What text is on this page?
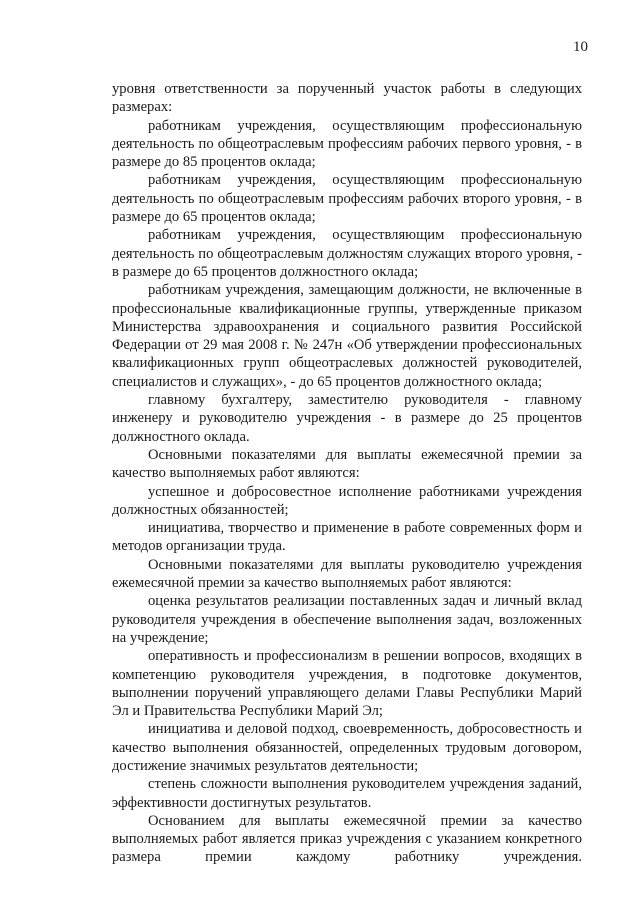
10

уровня ответственности за порученный участок работы в следующих размерах:

работникам учреждения, осуществляющим профессиональную деятельность по общеотраслевым профессиям рабочих первого уровня, - в размере до 85 процентов оклада;

работникам учреждения, осуществляющим профессиональную деятельность по общеотраслевым профессиям рабочих второго уровня, - в размере до 65 процентов оклада;

работникам учреждения, осуществляющим профессиональную деятельность по общеотраслевым должностям служащих второго уровня, - в размере до 65 процентов должностного оклада;

работникам учреждения, замещающим должности, не включенные в профессиональные квалификационные группы, утвержденные приказом Министерства здравоохранения и социального развития Российской Федерации от 29 мая 2008 г. № 247н «Об утверждении профессиональных квалификационных групп общеотраслевых должностей руководителей, специалистов и служащих», - до 65 процентов должностного оклада;

главному бухгалтеру, заместителю руководителя - главному инженеру и руководителю учреждения - в размере до 25 процентов должностного оклада.

Основными показателями для выплаты ежемесячной премии за качество выполняемых работ являются:

успешное и добросовестное исполнение работниками учреждения должностных обязанностей;

инициатива, творчество и применение в работе современных форм и методов организации труда.

Основными показателями для выплаты руководителю учреждения ежемесячной премии за качество выполняемых работ являются:

оценка результатов реализации поставленных задач и личный вклад руководителя учреждения в обеспечение выполнения задач, возложенных на учреждение;

оперативность и профессионализм в решении вопросов, входящих в компетенцию руководителя учреждения, в подготовке документов, выполнении поручений управляющего делами Главы Республики Марий Эл и Правительства Республики Марий Эл;

инициатива и деловой подход, своевременность, добросовестность и качество выполнения обязанностей, определенных трудовым договором, достижение значимых результатов деятельности;

степень сложности выполнения руководителем учреждения заданий, эффективности достигнутых результатов.

Основанием для выплаты ежемесячной премии за качество выполняемых работ является приказ учреждения с указанием конкретного размера премии каждому работнику учреждения.
